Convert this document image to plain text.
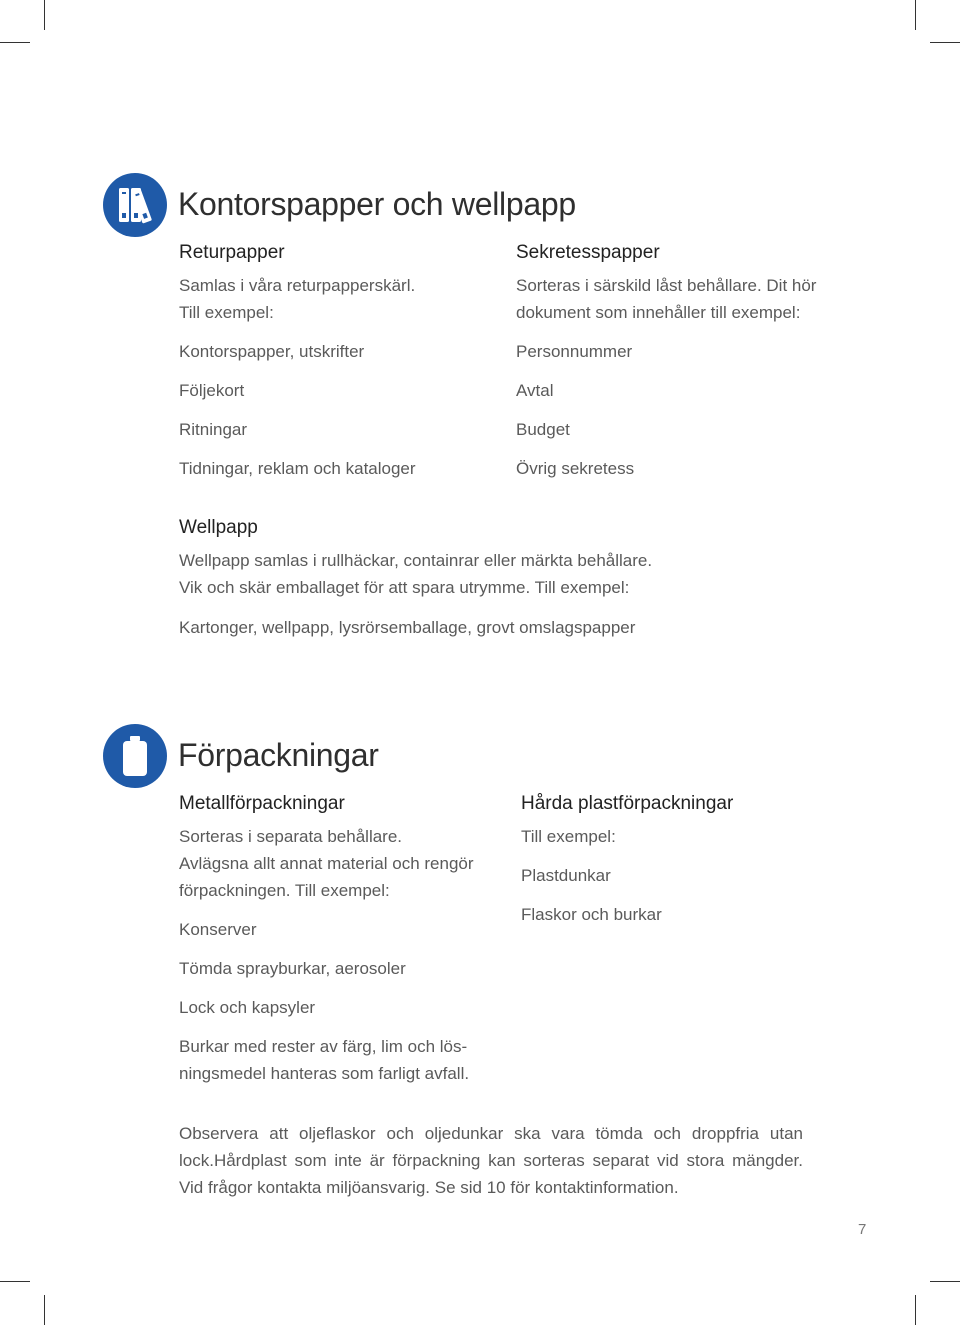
Kontorspapper och wellpapp
Returpapper
Samlas i våra returpapperskärl.
Till exempel:
Kontorspapper, utskrifter
Följekort
Ritningar
Tidningar, reklam och kataloger
Sekretesspapper
Sorteras i särskild låst behållare. Dit hör
dokument som innehåller till exempel:
Personnummer
Avtal
Budget
Övrig sekretess
Wellpapp
Wellpapp samlas i rullhäckar, containrar eller märkta behållare.
Vik och skär emballaget för att spara utrymme. Till exempel:
Kartonger, wellpapp, lysrörsemballage, grovt omslagspapper
Förpackningar
Metallförpackningar
Sorteras i separata behållare.
Avlägsna allt annat material och rengör
förpackningen. Till exempel:
Konserver
Tömda sprayburkar, aerosoler
Lock och kapsyler
Burkar med rester av färg, lim och lös-
ningsmedel hanteras som farligt avfall.
Hårda plastförpackningar
Till exempel:
Plastdunkar
Flaskor och burkar
Observera att oljeflaskor och oljedunkar ska vara tömda och droppfria utan
lock.Hårdplast som inte är förpackning kan sorteras separat vid stora mängder.
Vid frågor kontakta miljöansvarig. Se sid 10 för kontaktinformation.
7
